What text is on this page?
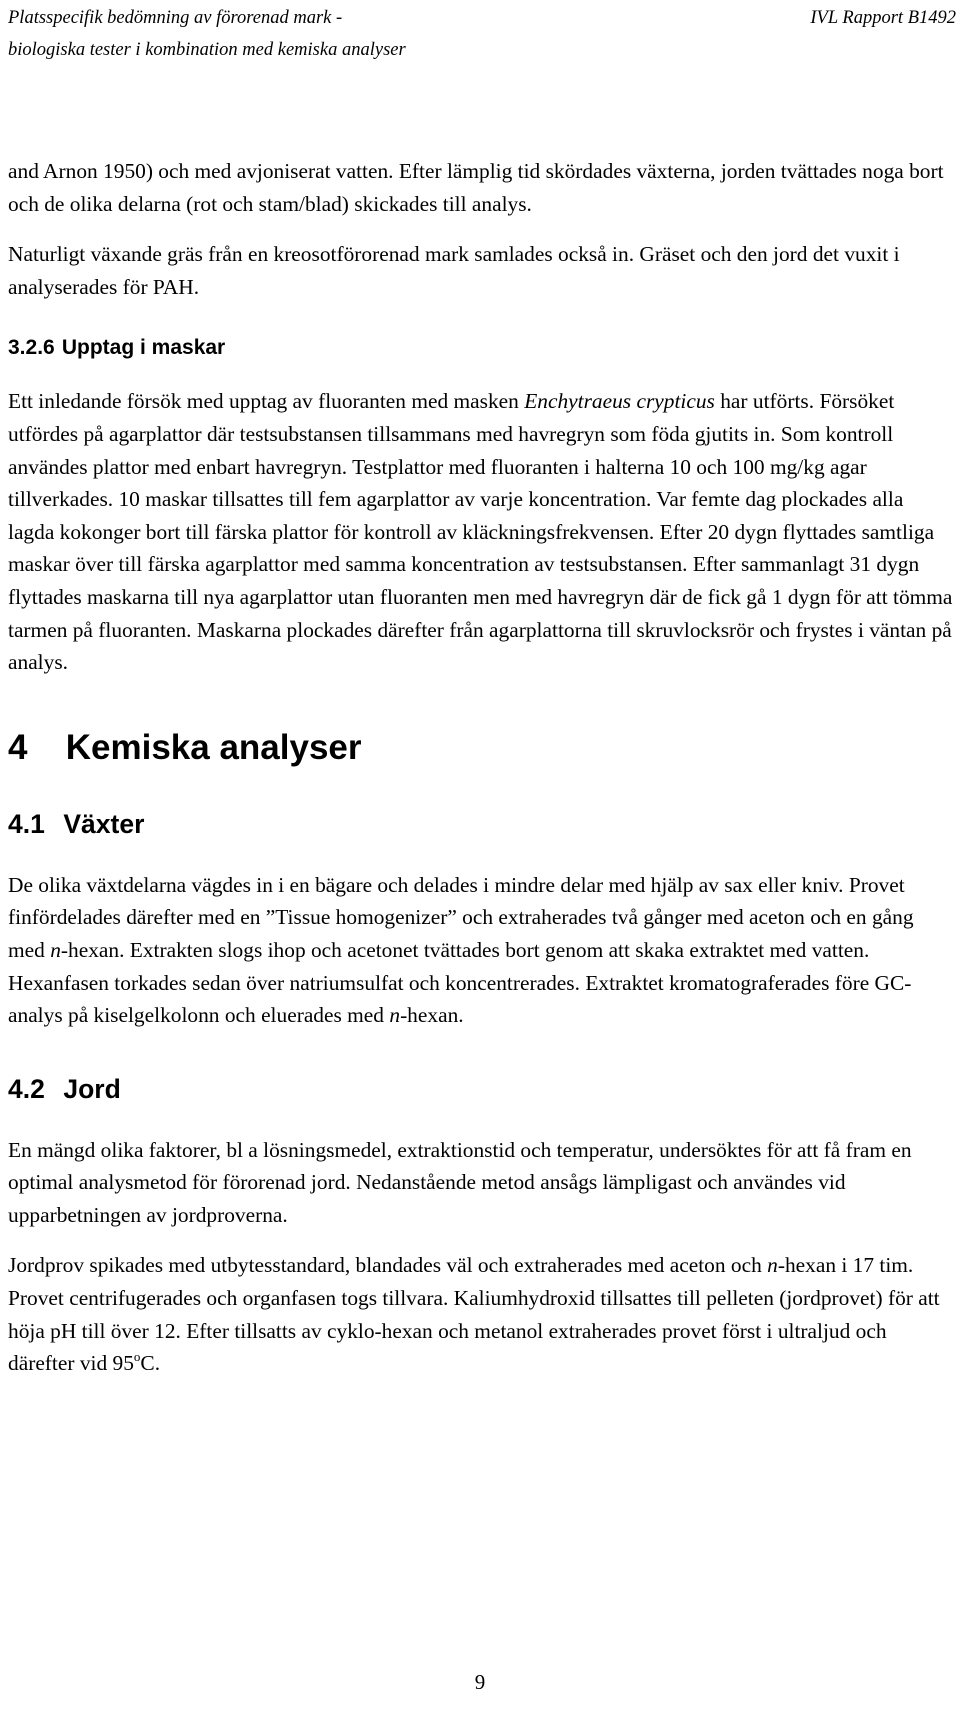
Platsspecifik bedömning av förorenad mark -
biologiska tester i kombination med kemiska analyser
IVL Rapport B1492

and Arnon 1950) och med avjoniserat vatten. Efter lämplig tid skördades växterna, jorden tvättades noga bort och de olika delarna (rot och stam/blad) skickades till analys.

Naturligt växande gräs från en kreosotförorenad mark samlades också in. Gräset och den jord det vuxit i analyserades för PAH.

3.2.6 Upptag i maskar

Ett inledande försök med upptag av fluoranten med masken Enchytraeus crypticus har utförts. Försöket utfördes på agarplattor där testsubstansen tillsammans med havregryn som föda gjutits in. Som kontroll användes plattor med enbart havregryn. Testplattor med fluoranten i halterna 10 och 100 mg/kg agar tillverkades. 10 maskar tillsattes till fem agarplattor av varje koncentration. Var femte dag plockades alla lagda kokonger bort till färska plattor för kontroll av kläckningsfrekvensen. Efter 20 dygn flyttades samtliga maskar över till färska agarplattor med samma koncentration av testsubstansen. Efter sammanlagt 31 dygn flyttades maskarna till nya agarplattor utan fluoranten men med havregryn där de fick gå 1 dygn för att tömma tarmen på fluoranten. Maskarna plockades därefter från agarplattorna till skruvlocksrör och frystes i väntan på analys.

4 Kemiska analyser
4.1 Växter

De olika växtdelarna vägdes in i en bägare och delades i mindre delar med hjälp av sax eller kniv. Provet finfördelades därefter med en ”Tissue homogenizer” och extraherades två gånger med aceton och en gång med n-hexan. Extrakten slogs ihop och acetonet tvättades bort genom att skaka extraktet med vatten. Hexanfasen torkades sedan över natriumsulfat och koncentrerades. Extraktet kromatograferades före GC-analys på kiselgelkolonn och eluerades med n-hexan.

4.2 Jord

En mängd olika faktorer, bl a lösningsmedel, extraktionstid och temperatur, undersöktes för att få fram en optimal analysmetod för förorenad jord. Nedanstående metod ansågs lämpligast och användes vid upparbetningen av jordproverna.

Jordprov spikades med utbytesstandard, blandades väl och extraherades med aceton och n-hexan i 17 tim. Provet centrifugerades och organfasen togs tillvara. Kaliumhydroxid tillsattes till pelleten (jordprovet) för att höja pH till över 12. Efter tillsatts av cyklo-hexan och metanol extraherades provet först i ultraljud och därefter vid 95$^o$C.

9
